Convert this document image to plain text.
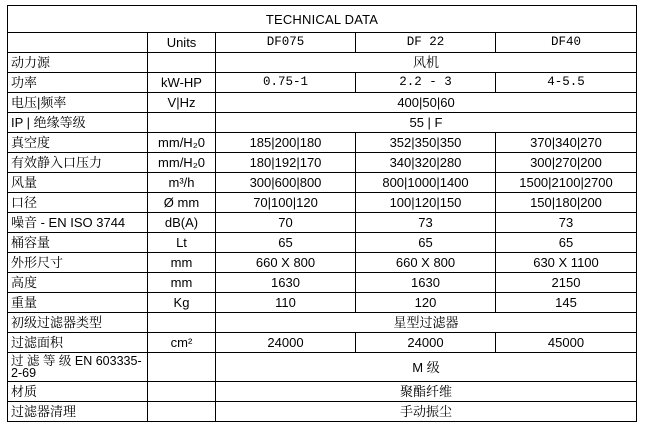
TECHNICAL DATA				
	Units	DF075	DF 22	DF40
动力源		风机		
功率	kW-HP	0.75-1	2.2 - 3	4-5.5
电压|频率	V|Hz	400|50|60		
IP | 绝缘等级		55 | F		
真空度	mm/H₂0	185|200|180	352|350|350	370|340|270
有效静入口压力	mm/H₂0	180|192|170	340|320|280	300|270|200
风量	m³/h	300|600|800	800|1000|1400	1500|2100|2700
口径	Ø mm	70|100|120	100|120|150	150|180|200
噪音 - EN ISO 3744	dB(A)	70	73	73
桶容量	Lt	65	65	65
外形尺寸	mm	660 X 800	660 X 800	630 X 1100
高度	mm	1630	1630	2150
重量	Kg	110	120	145
初级过滤器类型		星型过滤器		
过滤面积	cm²	24000	24000	45000
过 滤 等 级 EN 603335-2-69		M 级		
材质		聚酯纤维		
过滤器清理		手动振尘		
